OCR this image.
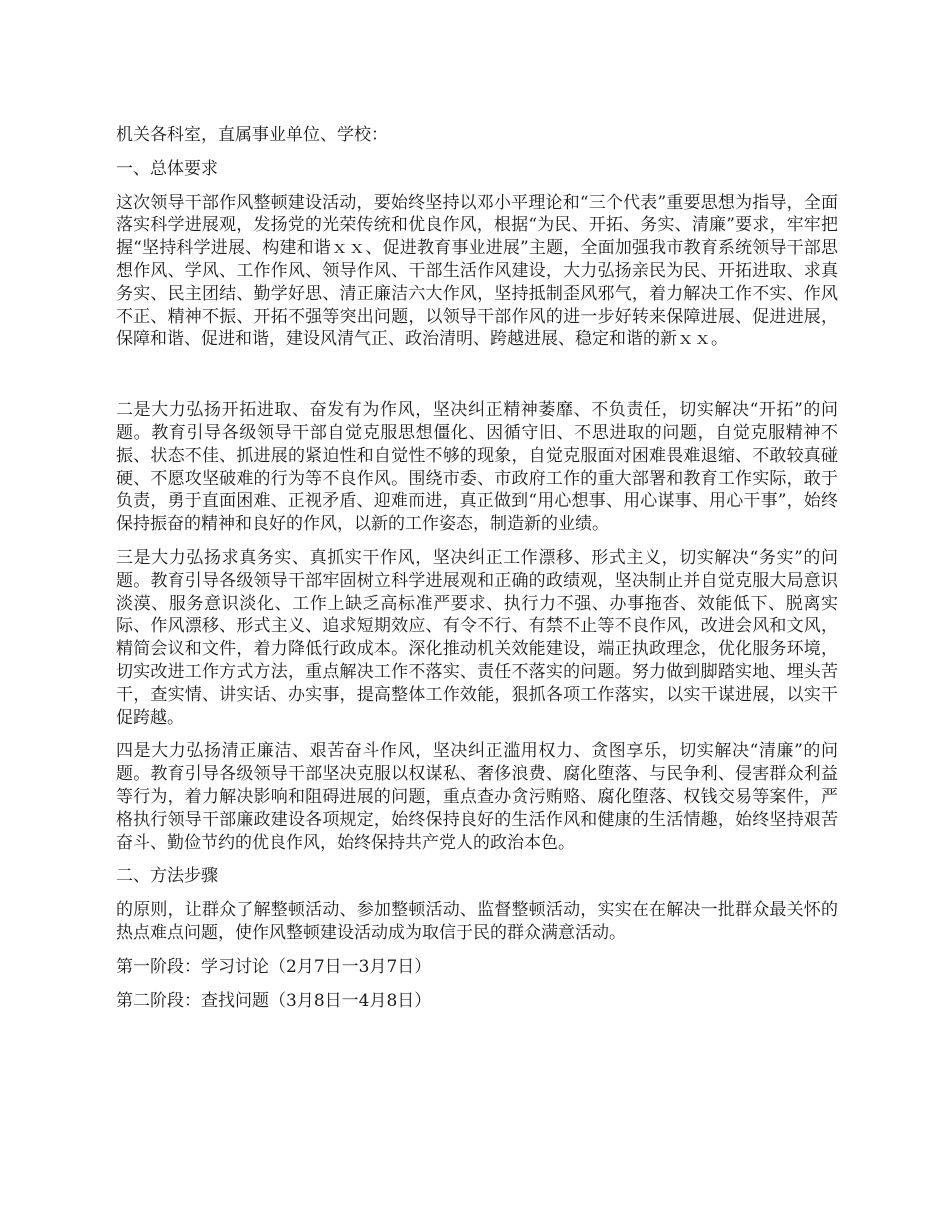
机关各科室，直属事业单位、学校：

一、总体要求

这次领导干部作风整顿建设活动，要始终坚持以邓小平理论和“三个代表”重要思想为指导，全面落实科学进展观，发扬党的光荣传统和优良作风，根据“为民、开拓、务实、清廉”要求，牢牢把握“坚持科学进展、构建和谐ｘｘ、促进教育事业进展”主题，全面加强我市教育系统领导干部思想作风、学风、工作作风、领导作风、干部生活作风建设，大力弘扬亲民为民、开拓进取、求真务实、民主团结、勤学好思、清正廉洁六大作风，坚持抵制歪风邪气，着力解决工作不实、作风不正、精神不振、开拓不强等突出问题，以领导干部作风的进一步好转来保障进展、促进进展，保障和谐、促进和谐，建设风清气正、政治清明、跨越进展、稳定和谐的新ｘｘ。

二是大力弘扬开拓进取、奋发有为作风，坚决纠正精神萎靡、不负责任，切实解决“开拓”的问题。教育引导各级领导干部自觉克服思想僵化、因循守旧、不思进取的问题，自觉克服精神不振、状态不佳、抓进展的紧迫性和自觉性不够的现象，自觉克服面对困难畏难退缩、不敢较真碰硬、不愿攻坚破难的行为等不良作风。围绕市委、市政府工作的重大部署和教育工作实际，敢于负责，勇于直面困难、正视矛盾、迎难而进，真正做到“用心想事、用心谋事、用心干事”，始终保持振奋的精神和良好的作风，以新的工作姿态，制造新的业绩。

三是大力弘扬求真务实、真抓实干作风，坚决纠正工作漂移、形式主义，切实解决“务实”的问题。教育引导各级领导干部牢固树立科学进展观和正确的政绩观，坚决制止并自觉克服大局意识淡漠、服务意识淡化、工作上缺乏高标准严要求、执行力不强、办事拖沓、效能低下、脱离实际、作风漂移、形式主义、追求短期效应、有令不行、有禁不止等不良作风，改进会风和文风，精简会议和文件，着力降低行政成本。深化推动机关效能建设，端正执政理念，优化服务环境，切实改进工作方式方法，重点解决工作不落实、责任不落实的问题。努力做到脚踏实地、埋头苦干，查实情、讲实话、办实事，提高整体工作效能，狠抓各项工作落实，以实干谋进展，以实干促跨越。

四是大力弘扬清正廉洁、艰苦奋斗作风，坚决纠正滥用权力、贪图享乐，切实解决“清廉”的问题。教育引导各级领导干部坚决克服以权谋私、奢侈浪费、腐化堕落、与民争利、侵害群众利益等行为，着力解决影响和阻碍进展的问题，重点查办贪污贿赂、腐化堕落、权钱交易等案件，严格执行领导干部廉政建设各项规定，始终保持良好的生活作风和健康的生活情趣，始终坚持艰苦奋斗、勤俭节约的优良作风，始终保持共产党人的政治本色。

二、方法步骤

的原则，让群众了解整顿活动、参加整顿活动、监督整顿活动，实实在在解决一批群众最关怀的热点难点问题，使作风整顿建设活动成为取信于民的群众满意活动。

第一阶段：学习讨论（2月7日一3月7日）

第二阶段：查找问题（3月8日一4月8日）
